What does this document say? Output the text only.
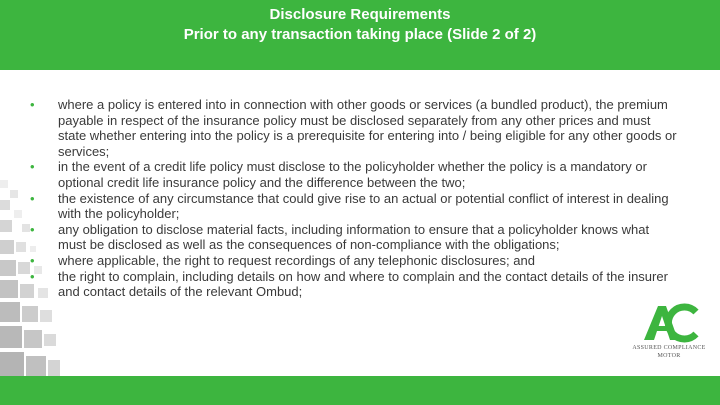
Disclosure Requirements
Prior to any transaction taking place (Slide 2 of 2)
• where a policy is entered into in connection with other goods or services (a bundled product), the premium payable in respect of the insurance policy must be disclosed separately from any other prices and must state whether entering into the policy is a prerequisite for entering into / being eligible for any other goods or services;
• in the event of a credit life policy must disclose to the policyholder whether the policy is a mandatory or optional credit life insurance policy and the difference between the two;
• the existence of any circumstance that could give rise to an actual or potential conflict of interest in dealing with the policyholder;
• any obligation to disclose material facts, including information to ensure that a policyholder knows what must be disclosed as well as the consequences of non-compliance with the obligations;
• where applicable, the right to request recordings of any telephonic disclosures; and
• the right to complain, including details on how and where to complain and the contact details of the insurer and contact details of the relevant Ombud;
ASSURED COMPLIANCE
MOTOR
